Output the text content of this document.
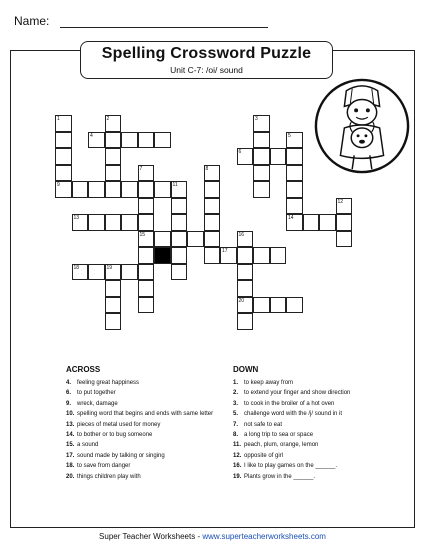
Name:
Spelling Crossword Puzzle
Unit C-7: /oi/ sound
1
9
2	3
5
7
15
8
11
12
16
20
19
4
6
13	14
17
18
ACROSS
4. feeling great happiness
6. to put together
9. wreck, damage
10. spelling word that begins and ends with same letter
13. pieces of metal used for money
14. to bother or to bug someone
15. a sound
17. sound made by talking or singing
18. to save from danger
20. things children play with
DOWN
1. to keep away from
2. to extend your finger and show direction
3. to cook in the broiler of a hot oven
5. challenge word with the /j/ sound in it
7. not safe to eat
8. a long trip to sea or space
11. peach, plum, orange, lemon
12. opposite of girl
16. I like to play games on the ______.
19. Plants grow in the ______.
Super Teacher Worksheets - www.superteacherworksheets.com
